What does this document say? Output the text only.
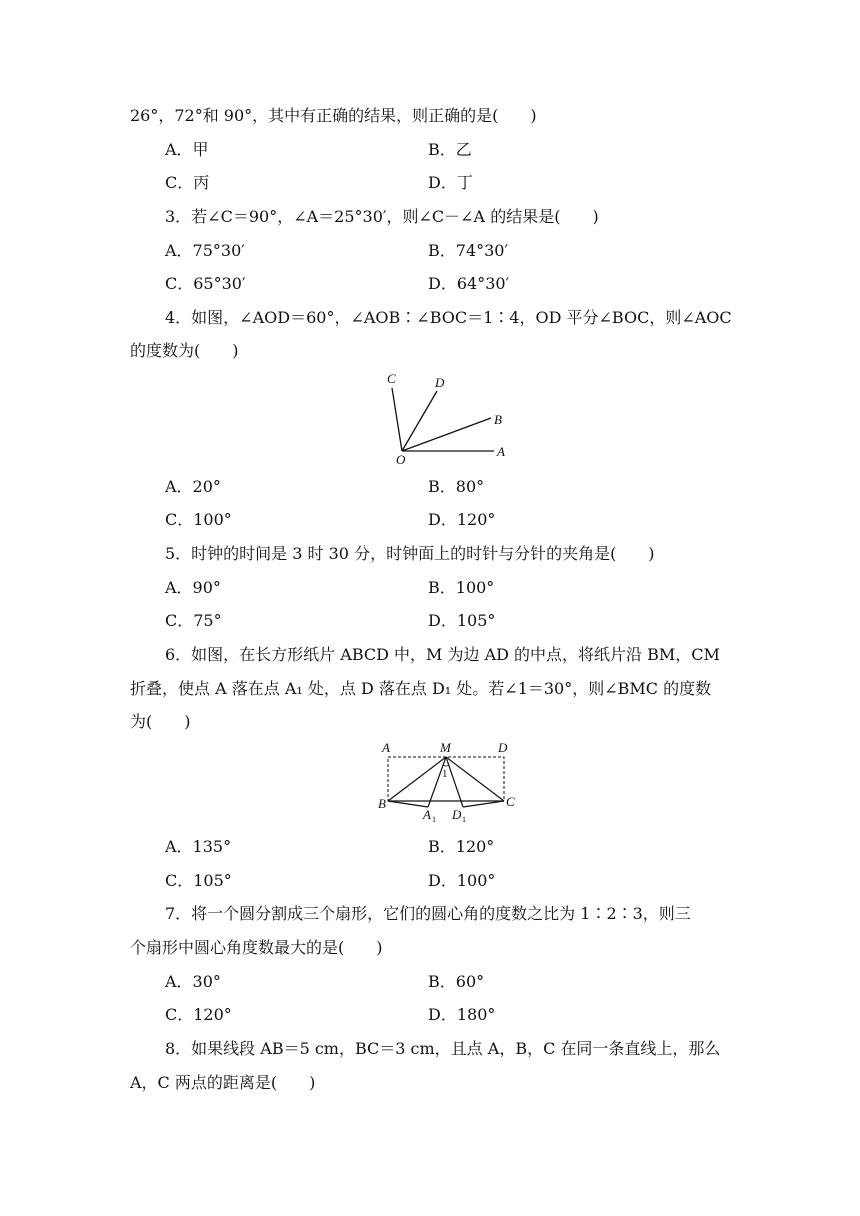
26°，72°和 90°，其中有正确的结果，则正确的是(　　)
A．甲	B．乙
C．丙	D．丁
3．若∠C＝90°，∠A＝25°30′，则∠C－∠A 的结果是(　　)
A．75°30′	B．74°30′
C．65°30′	D．64°30′
4．如图，∠AOD＝60°，∠AOB∶∠BOC＝1∶4，OD 平分∠BOC，则∠AOC
的度数为(　　)
C	D
B
A
O
A．20°	B．80°
C．100°	D．120°
5．时钟的时间是 3 时 30 分，时钟面上的时针与分针的夹角是(　　)
A．90°	B．100°
C．75°	D．105°
6．如图，在长方形纸片 ABCD 中，M 为边 AD 的中点，将纸片沿 BM，CM
折叠，使点 A 落在点 A₁ 处，点 D 落在点 D₁ 处。若∠1＝30°，则∠BMC 的度数
为(　　)
A	M	D
B	C
1
A 1 D 1
A．135°	B．120°
C．105°	D．100°
7．将一个圆分割成三个扇形，它们的圆心角的度数之比为 1∶2∶3，则三
个扇形中圆心角度数最大的是(　　)
A．30°	B．60°
C．120°	D．180°
8．如果线段 AB＝5 cm，BC＝3 cm，且点 A，B，C 在同一条直线上，那么
A，C 两点的距离是(　　)
